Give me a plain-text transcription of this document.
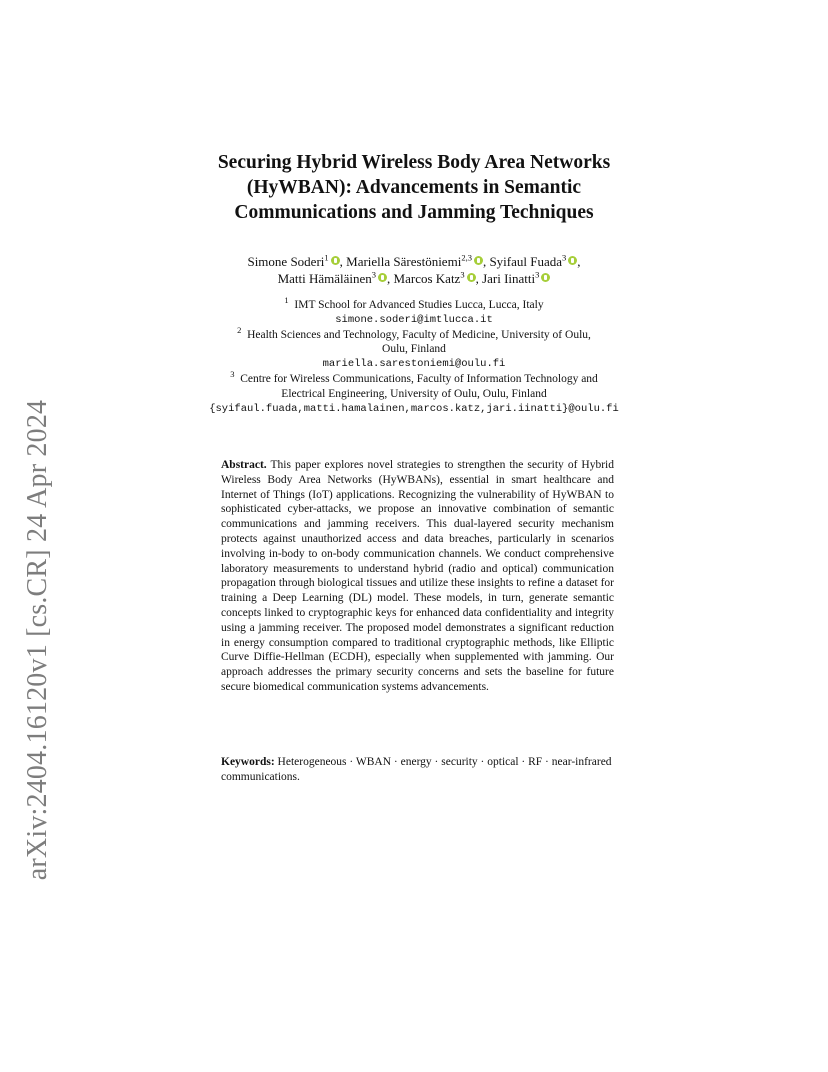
arXiv:2404.16120v1 [cs.CR] 24 Apr 2024
Securing Hybrid Wireless Body Area Networks
(HyWBAN): Advancements in Semantic
Communications and Jamming Techniques
Simone Soderi$^1$ , Mariella Särestöniemi$^{2,3}$ , Syifaul Fuada$^3$ ,
Matti Hämäläinen$^3$ , Marcos Katz$^3$ , Jari Iinatti$^3$
$^1$ IMT School for Advanced Studies Lucca, Lucca, Italy
simone.soderi@imtlucca.it
$^2$ Health Sciences and Technology, Faculty of Medicine, University of Oulu,
Oulu, Finland
mariella.sarestoniemi@oulu.fi
$^3$ Centre for Wireless Communications, Faculty of Information Technology and
Electrical Engineering, University of Oulu, Oulu, Finland
{syifaul.fuada,matti.hamalainen,marcos.katz,jari.iinatti}@oulu.fi
Abstract. This paper explores novel strategies to strengthen the security of Hybrid Wireless Body Area Networks (HyWBANs), essential in smart healthcare and Internet of Things (IoT) applications. Recognizing the vulnerability of HyWBAN to sophisticated cyber-attacks, we propose an innovative combination of semantic communications and jamming receivers. This dual-layered security mechanism protects against unauthorized access and data breaches, particularly in scenarios involving in-body to on-body communication channels. We conduct comprehensive laboratory measurements to understand hybrid (radio and optical) communication propagation through biological tissues and utilize these insights to refine a dataset for training a Deep Learning (DL) model. These models, in turn, generate semantic concepts linked to cryptographic keys for enhanced data confidentiality and integrity using a jamming receiver. The proposed model demonstrates a significant reduction in energy consumption compared to traditional cryptographic methods, like Elliptic Curve Diffie-Hellman (ECDH), especially when supplemented with jamming. Our approach addresses the primary security concerns and sets the baseline for future secure biomedical communication systems advancements.
Keywords: Heterogeneous · WBAN · energy · security · optical · RF · near-infrared communications.
